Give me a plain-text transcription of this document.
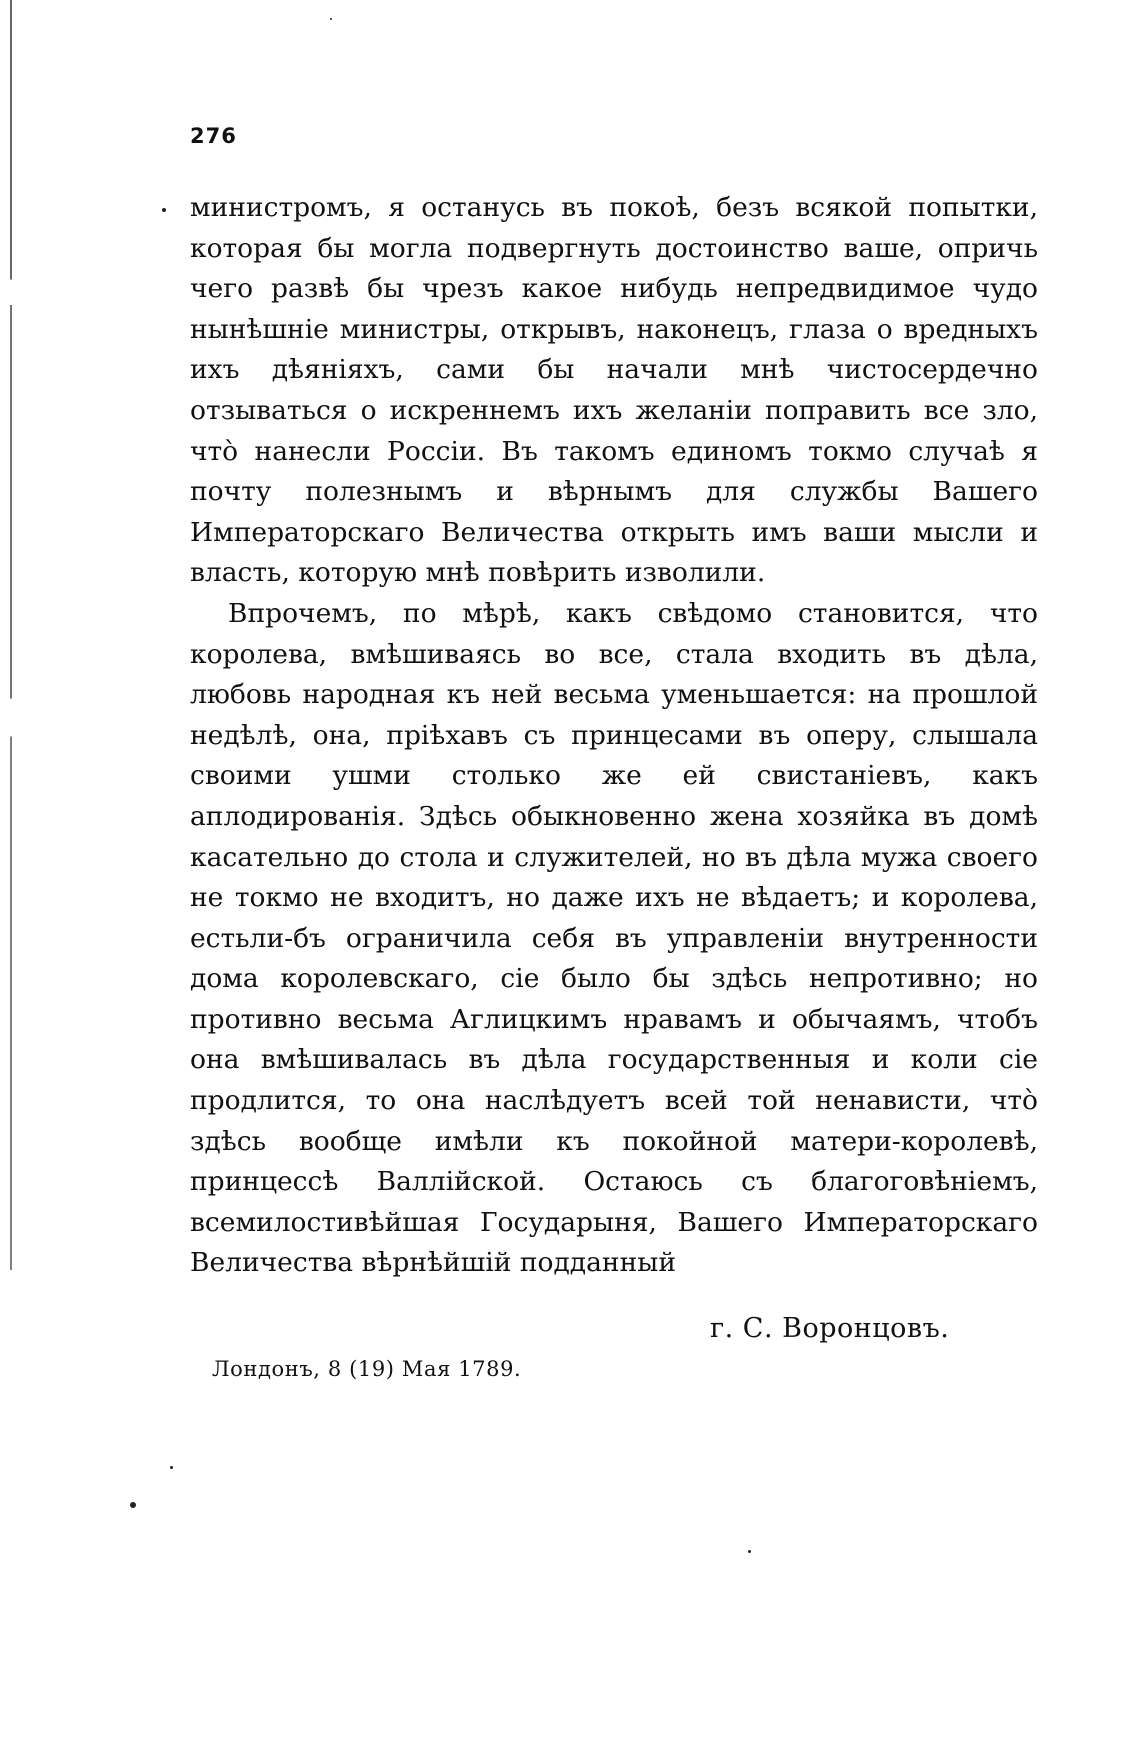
276

министромъ, я останусь въ покоѣ, безъ всякой попытки, которая бы могла подвергнуть достоинство ваше, опричь чего развѣ бы чрезъ какое нибудь непредвидимое чудо нынѣшніе министры, открывъ, наконецъ, глаза о вредныхъ ихъ дѣяніяхъ, сами бы начали мнѣ чистосердечно отзываться о искреннемъ ихъ желаніи поправить все зло, что̀ нанесли Россіи. Въ такомъ единомъ токмо случаѣ я почту полезнымъ и вѣрнымъ для службы Вашего Императорскаго Величества открыть имъ ваши мысли и власть, которую мнѣ повѣрить изволили.

Впрочемъ, по мѣрѣ, какъ свѣдомо становится, что королева, вмѣшиваясь во все, стала входить въ дѣла, любовь народная къ ней весьма уменьшается: на прошлой недѣлѣ, она, пріѣхавъ съ принцесами въ оперу, слышала своими ушми столько же ей свистаніевъ, какъ аплодированія. Здѣсь обыкновенно жена хозяйка въ домѣ касательно до стола и служителей, но въ дѣла мужа своего не токмо не входитъ, но даже ихъ не вѣдаетъ; и королева, естьли-бъ ограничила себя въ управленіи внутренности дома королевскаго, сіе было бы здѣсь непротивно; но противно весьма Аглицкимъ нравамъ и обычаямъ, чтобъ она вмѣшивалась въ дѣла государственныя и коли сіе продлится, то она наслѣдуетъ всей той ненависти, что̀ здѣсь вообще имѣли къ покойной матери-королевѣ, принцессѣ Валлійской. Остаюсь съ благоговѣніемъ, всемилостивѣйшая Государыня, Вашего Императорскаго Величества вѣрнѣйшій подданный

г. С. Воронцовъ.
Лондонъ, 8 (19) Мая 1789.
